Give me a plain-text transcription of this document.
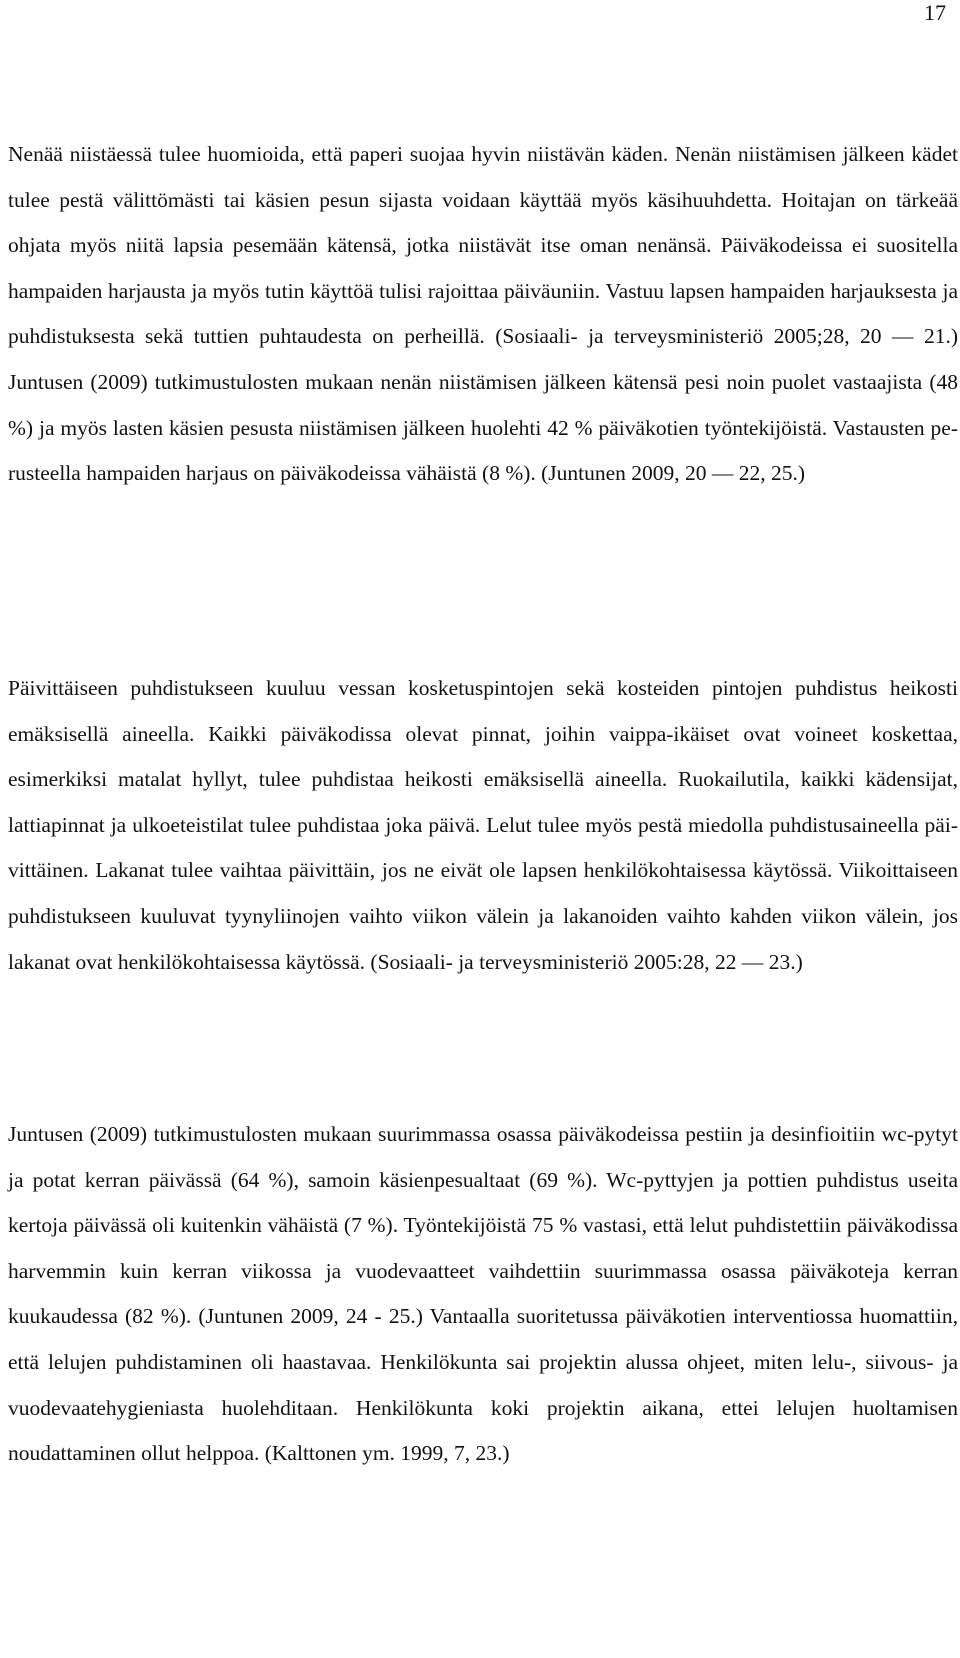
17

Nenää niistäessä tulee huomioida, että paperi suojaa hyvin niistävän käden. Nenän niistämisen jälkeen kädet tulee pestä välittömästi tai käsien pesun sijasta voidaan käyttää myös käsihuuhdetta. Hoitajan on tärkeää ohjata myös niitä lapsia pesemään kätensä, jotka niistävät itse oman nenänsä. Päiväkodeissa ei suositella hampaiden harjausta ja myös tutin käyttöä tulisi rajoittaa päiväuniin. Vastuu lapsen hampaiden harjauksesta ja puhdistuksesta sekä tuttien puhtaudesta on perheillä. (Sosiaali- ja terveysministeriö 2005;28, 20 — 21.) Juntusen (2009) tutkimustulosten mukaan nenän niistämisen jälkeen kätensä pesi noin puolet vastaajista (48 %) ja myös lasten käsien pesusta niistämisen jälkeen huolehti 42 % päiväkotien työntekijöistä. Vastausten perusteella hampaiden harjaus on päiväkodeissa vähäistä (8 %). (Juntunen 2009, 20 — 22, 25.)

Päivittäiseen puhdistukseen kuuluu vessan kosketuspintojen sekä kosteiden pintojen puhdistus heikosti emäksisellä aineella. Kaikki päiväkodissa olevat pinnat, joihin vaippa-ikäiset ovat voineet koskettaa, esimerkiksi matalat hyllyt, tulee puhdistaa heikosti emäksisellä aineella. Ruokailutila, kaikki kädensijat, lattiapinnat ja ulkoeteistilat tulee puhdistaa joka päivä. Lelut tulee myös pestä miedolla puhdistusaineella päivittäinen. Lakanat tulee vaihtaa päivittäin, jos ne eivät ole lapsen henkilökohtaisessa käytössä. Viikoittaiseen puhdistukseen kuuluvat tyynyliinojen vaihto viikon välein ja lakanoiden vaihto kahden viikon välein, jos lakanat ovat henkilökohtaisessa käytössä. (Sosiaali- ja terveysministeriö 2005:28, 22 — 23.)

Juntusen (2009) tutkimustulosten mukaan suurimmassa osassa päiväkodeissa pestiin ja desinfioitiin wc-pytyt ja potat kerran päivässä (64 %), samoin käsienpesualtaat (69 %). Wc-pyttyjen ja pottien puhdistus useita kertoja päivässä oli kuitenkin vähäistä (7 %). Työntekijöistä 75 % vastasi, että lelut puhdistettiin päiväkodissa harvemmin kuin kerran viikossa ja vuodevaatteet vaihdettiin suurimmassa osassa päiväkoteja kerran kuukaudessa (82 %). (Juntunen 2009, 24 - 25.) Vantaalla suoritetussa päiväkotien interventiossa huomattiin, että lelujen puhdistaminen oli haastavaa. Henkilökunta sai projektin alussa ohjeet, miten lelu-, siivous- ja vuodevaatehygieniasta huolehditaan. Henkilökunta koki projektin aikana, ettei lelujen huoltamisen noudattaminen ollut helppoa. (Kalttonen ym. 1999, 7, 23.)
